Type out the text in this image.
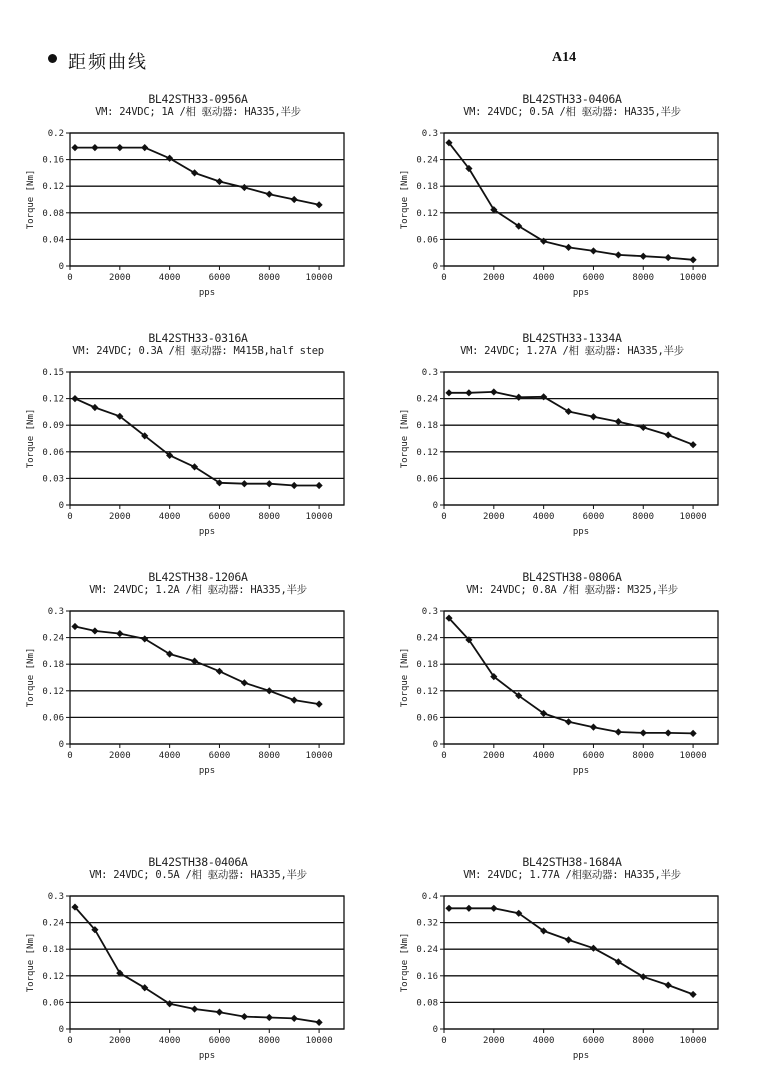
距频曲线	A14
BL42STH33-0956A
VM: 24VDC; 1A /相 驱动器: HA335,半步
0
0.04
0.08
0.12
0.16
0.2
0	2000	4000	6000	8000	10000
Torque [Nm]
pps
BL42STH33-0406A
VM: 24VDC; 0.5A /相 驱动器: HA335,半步
0
0.06
0.12
0.18
0.24
0.3
0	2000	4000	6000	8000	10000
Torque [Nm]
pps
BL42STH33-0316A
VM: 24VDC; 0.3A /相 驱动器: M415B,half step
0
0.03
0.06
0.09
0.12
0.15
0	2000	4000	6000	8000	10000
Torque [Nm]
pps
BL42STH33-1334A
VM: 24VDC; 1.27A /相 驱动器: HA335,半步
0
0.06
0.12
0.18
0.24
0.3
0	2000	4000	6000	8000	10000
Torque [Nm]
pps
BL42STH38-1206A
VM: 24VDC; 1.2A /相 驱动器: HA335,半步
0
0.06
0.12
0.18
0.24
0.3
0	2000	4000	6000	8000	10000
Torque [Nm]
pps
BL42STH38-0806A
VM: 24VDC; 0.8A /相 驱动器: M325,半步
0
0.06
0.12
0.18
0.24
0.3
0	2000	4000	6000	8000	10000
Torque [Nm]
pps
BL42STH38-0406A
VM: 24VDC; 0.5A /相 驱动器: HA335,半步
0
0.06
0.12
0.18
0.24
0.3
0	2000	4000	6000	8000	10000
Torque [Nm]
pps
BL42STH38-1684A
VM: 24VDC; 1.77A /相驱动器: HA335,半步
0
0.08
0.16
0.24
0.32
0.4
0	2000	4000	6000	8000	10000
Torque [Nm]
pps
